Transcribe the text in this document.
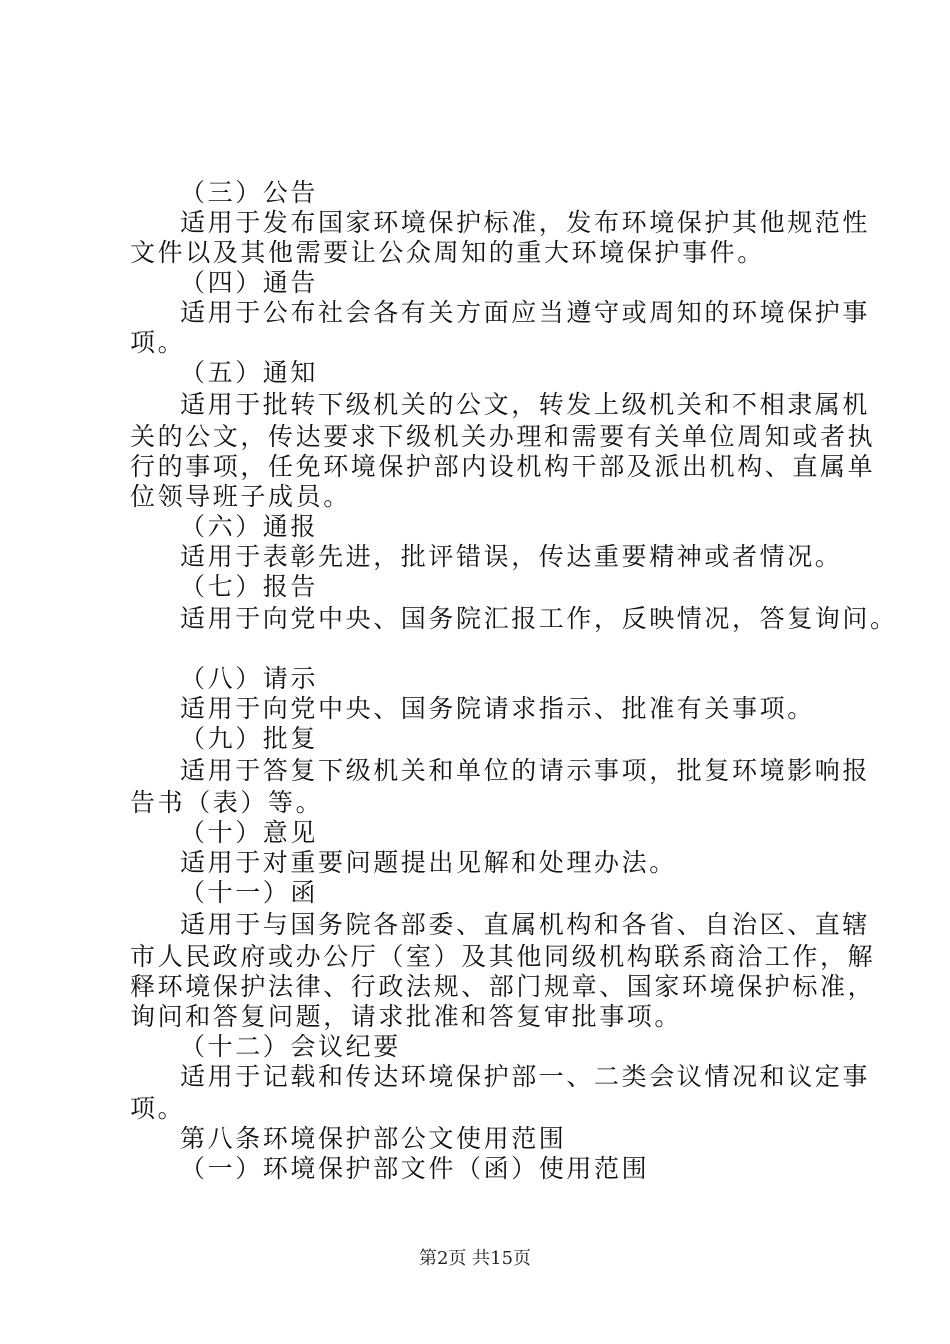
（三）公告
适用于发布国家环境保护标准，发布环境保护其他规范性
文件以及其他需要让公众周知的重大环境保护事件。
（四）通告
适用于公布社会各有关方面应当遵守或周知的环境保护事
项。
（五）通知
适用于批转下级机关的公文，转发上级机关和不相隶属机
关的公文，传达要求下级机关办理和需要有关单位周知或者执
行的事项，任免环境保护部内设机构干部及派出机构、直属单
位领导班子成员。
（六）通报
适用于表彰先进，批评错误，传达重要精神或者情况。
（七）报告
适用于向党中央、国务院汇报工作，反映情况，答复询问。
（八）请示
适用于向党中央、国务院请求指示、批准有关事项。
（九）批复
适用于答复下级机关和单位的请示事项，批复环境影响报
告书（表）等。
（十）意见
适用于对重要问题提出见解和处理办法。
（十一）函
适用于与国务院各部委、直属机构和各省、自治区、直辖
市人民政府或办公厅（室）及其他同级机构联系商洽工作，解
释环境保护法律、行政法规、部门规章、国家环境保护标准，
询问和答复问题，请求批准和答复审批事项。
（十二）会议纪要
适用于记载和传达环境保护部一、二类会议情况和议定事
项。
第八条环境保护部公文使用范围
（一）环境保护部文件（函）使用范围
第2页 共15页
